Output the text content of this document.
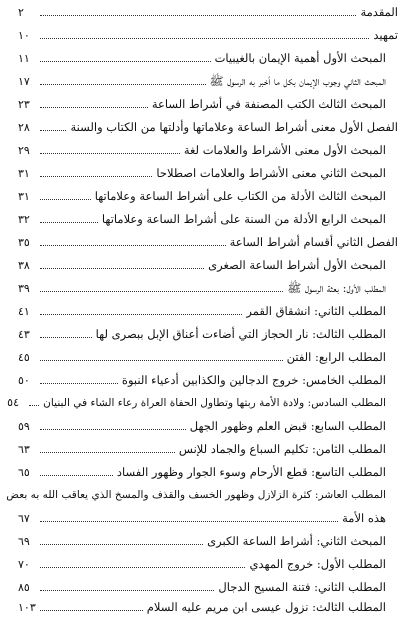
المقدمة
٢
تمهيد
١٠
المبحث الأول أهمية الإيمان بالغيبيات
١١
المبحث الثاني وجوب الإيمان بكل ما أخبر به الرسول ﷺ
١٧
المبحث الثالث الكتب المصنفة في أشراط الساعة
٢٣
الفصل الأول معنى أشراط الساعة وعلاماتها وأدلتها من الكتاب والسنة
٢٨
المبحث الأول معنى الأشراط والعلامات لغة
٢٩
المبحث الثاني معنى الأشراط والعلامات اصطلاحا
٣١
المبحث الثالث الأدلة من الكتاب على أشراط الساعة وعلاماتها
٣١
المبحث الرابع الأدلة من السنة على أشراط الساعة وعلاماتها
٣٢
الفصل الثاني أقسام أشراط الساعة
٣٥
المبحث الأول أشراط الساعة الصغرى
٣٨
المطلب الأول: بعثة الرسول ﷺ
٣٩
المطلب الثاني: انشقاق القمر
٤١
المطلب الثالث: نار الحجاز التي أضاءت أعناق الإبل ببصرى لها
٤٣
المطلب الرابع: الفتن
٤٥
المطلب الخامس: خروج الدجالين والكذابين أدعياء النبوة
٥٠
المطلب السادس: ولادة الأمة ربتها وتطاول الحفاة العراة رعاء الشاء في البنيان
٥٤
المطلب السابع: قبض العلم وظهور الجهل
٥٩
المطلب الثامن: تكليم السباع والجماد للإنس
٦٣
المطلب التاسع: قطع الأرحام وسوء الجوار وظهور الفساد
٦٥
المطلب العاشر: كثرة الزلازل وظهور الخسف والقذف والمسخ الذي يعاقب الله به بعض
هذه الأمة
٦٧
المبحث الثاني: أشراط الساعة الكبرى
٦٩
المطلب الأول: خروج المهدي
٧٠
المطلب الثاني: فتنة المسيح الدجال
٨٥
المطلب الثالث: نزول عيسى ابن مريم عليه السلام
١٠٣
